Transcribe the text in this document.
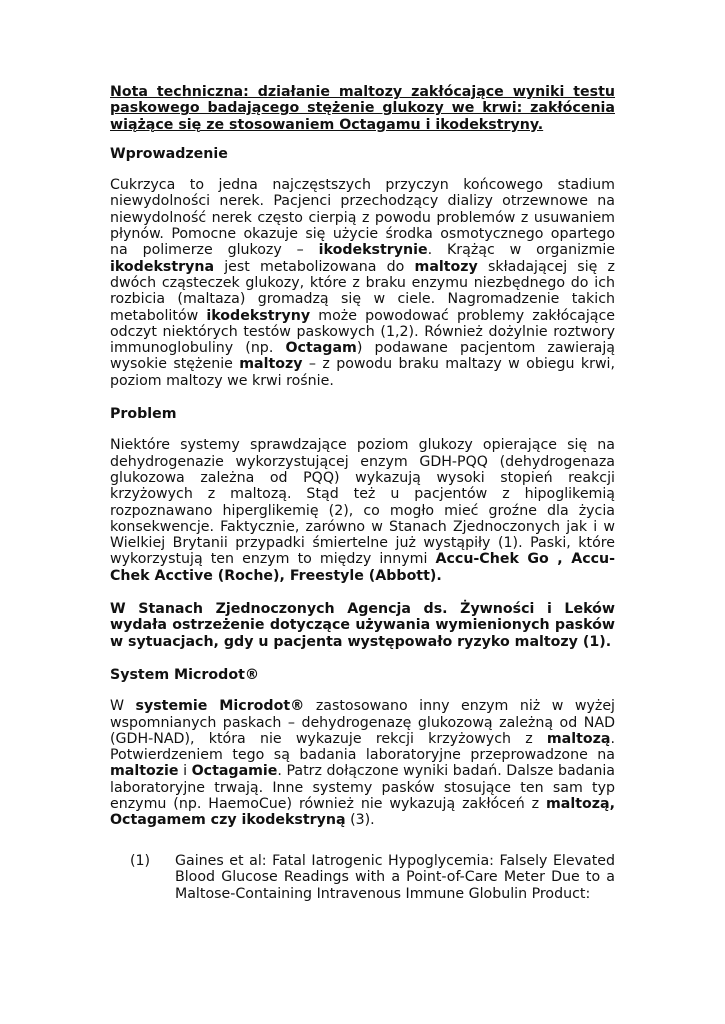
Nota techniczna: działanie maltozy zakłócające wyniki testu paskowego badającego stężenie glukozy we krwi: zakłócenia wiążące się ze stosowaniem Octagamu i ikodekstryny.
Wprowadzenie

Cukrzyca to jedna najczęstszych przyczyn końcowego stadium niewydolności nerek. Pacjenci przechodzący dializy otrzewnowe na niewydolność nerek często cierpią z powodu problemów z usuwaniem płynów. Pomocne okazuje się użycie środka osmotycznego opartego na polimerze glukozy – ikodekstrynie. Krążąc w organizmie ikodekstryna jest metabolizowana do maltozy składającej się z dwóch cząsteczek glukozy, które z braku enzymu niezbędnego do ich rozbicia (maltaza) gromadzą się w ciele. Nagromadzenie takich metabolitów ikodekstryny może powodować problemy zakłócające odczyt niektórych testów paskowych (1,2). Również dożylnie roztwory immunoglobuliny (np. Octagam) podawane pacjentom zawierają wysokie stężenie maltozy – z powodu braku maltazy w obiegu krwi, poziom maltozy we krwi rośnie.

Problem

Niektóre systemy sprawdzające poziom glukozy opierające się na dehydrogenazie wykorzystującej enzym GDH-PQQ (dehydrogenaza glukozowa zależna od PQQ) wykazują wysoki stopień reakcji krzyżowych z maltozą. Stąd też u pacjentów z hipoglikemią rozpoznawano hiperglikemię (2), co mogło mieć groźne dla życia konsekwencje. Faktycznie, zarówno w Stanach Zjednoczonych jak i w Wielkiej Brytanii przypadki śmiertelne już wystąpiły (1). Paski, które wykorzystują ten enzym to między innymi Accu-Chek Go , Accu-Chek Acctive (Roche), Freestyle (Abbott).

W Stanach Zjednoczonych Agencja ds. Żywności i Leków wydała ostrzeżenie dotyczące używania wymienionych pasków w sytuacjach, gdy u pacjenta występowało ryzyko maltozy (1).
System Microdot®

W systemie Microdot® zastosowano inny enzym niż w wyżej wspomnianych paskach – dehydrogenazę glukozową zależną od NAD (GDH-NAD), która nie wykazuje rekcji krzyżowych z maltozą. Potwierdzeniem tego są badania laboratoryjne przeprowadzone na maltozie i Octagamie. Patrz dołączone wyniki badań. Dalsze badania laboratoryjne trwają. Inne systemy pasków stosujące ten sam typ enzymu (np. HaemoCue) również nie wykazują zakłóceń z maltozą, Octagamem czy ikodekstryną (3).

(1) Gaines et al: Fatal Iatrogenic Hypoglycemia: Falsely Elevated Blood Glucose Readings with a Point-of-Care Meter Due to a Maltose-Containing Intravenous Immune Globulin Product:
